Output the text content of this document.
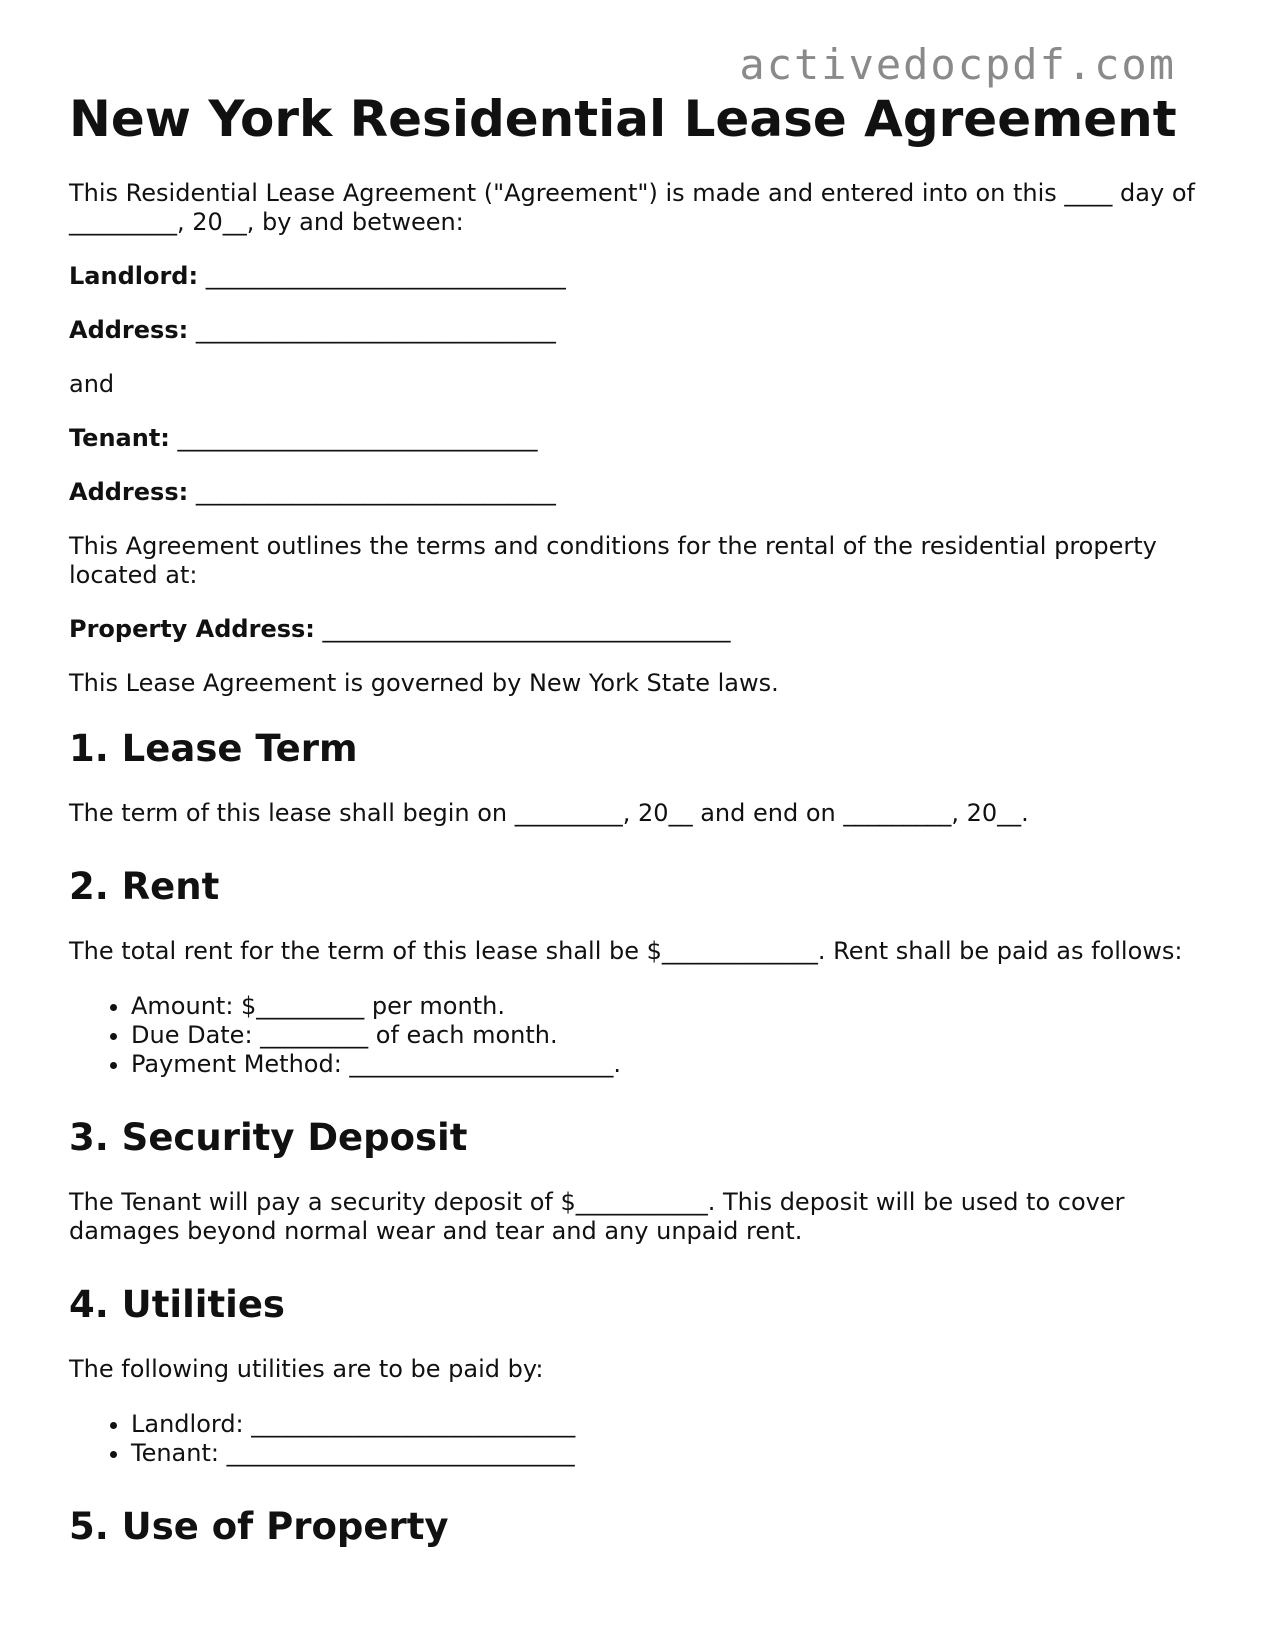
activedocpdf.com
New York Residential Lease Agreement

This Residential Lease Agreement ("Agreement") is made and entered into on this ____ day of _________, 20__, by and between:

Landlord: ______________________________

Address: ______________________________

and

Tenant: ______________________________

Address: ______________________________

This Agreement outlines the terms and conditions for the rental of the residential property located at:

Property Address: __________________________________

This Lease Agreement is governed by New York State laws.

1. Lease Term

The term of this lease shall begin on _________, 20__ and end on _________, 20__.

2. Rent

The total rent for the term of this lease shall be $_____________. Rent shall be paid as follows:

• Amount: $_________ per month.
• Due Date: _________ of each month.
• Payment Method: ______________________.
3. Security Deposit

The Tenant will pay a security deposit of $___________. This deposit will be used to cover damages beyond normal wear and tear and any unpaid rent.

4. Utilities

The following utilities are to be paid by:

• Landlord: ___________________________
• Tenant: _____________________________
5. Use of Property
